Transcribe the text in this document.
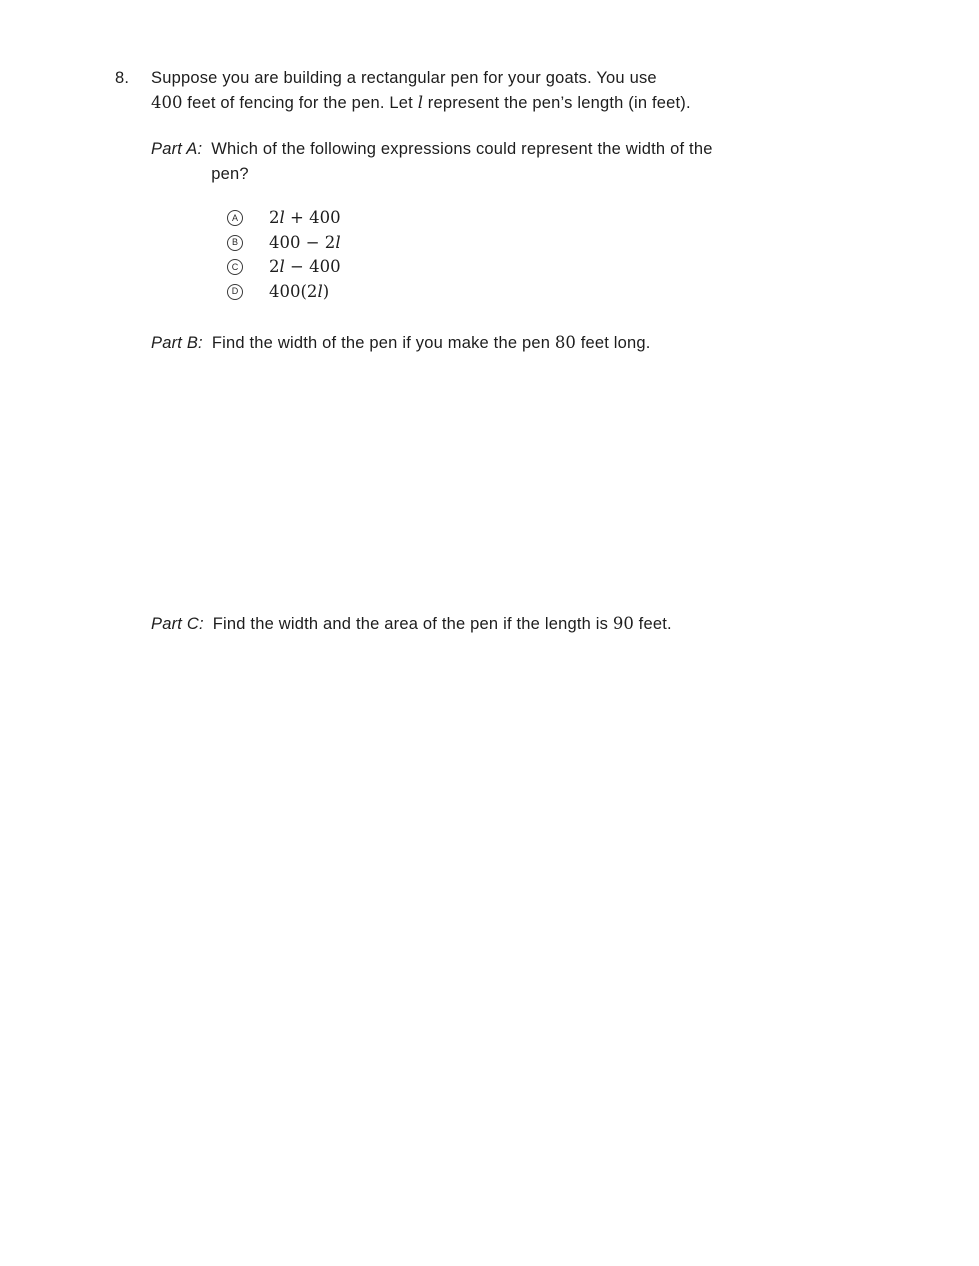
8.	Suppose you are building a rectangular pen for your goats. You use
400 feet of fencing for the pen. Let l represent the pen’s length (in feet).
Part A: Which of the following expressions could represent the width of the
pen?
A 2l + 400
B 400 − 2l
C 2l − 400
D 400(2l)
Part B: Find the width of the pen if you make the pen 80 feet long.
Part C: Find the width and the area of the pen if the length is 90 feet.
